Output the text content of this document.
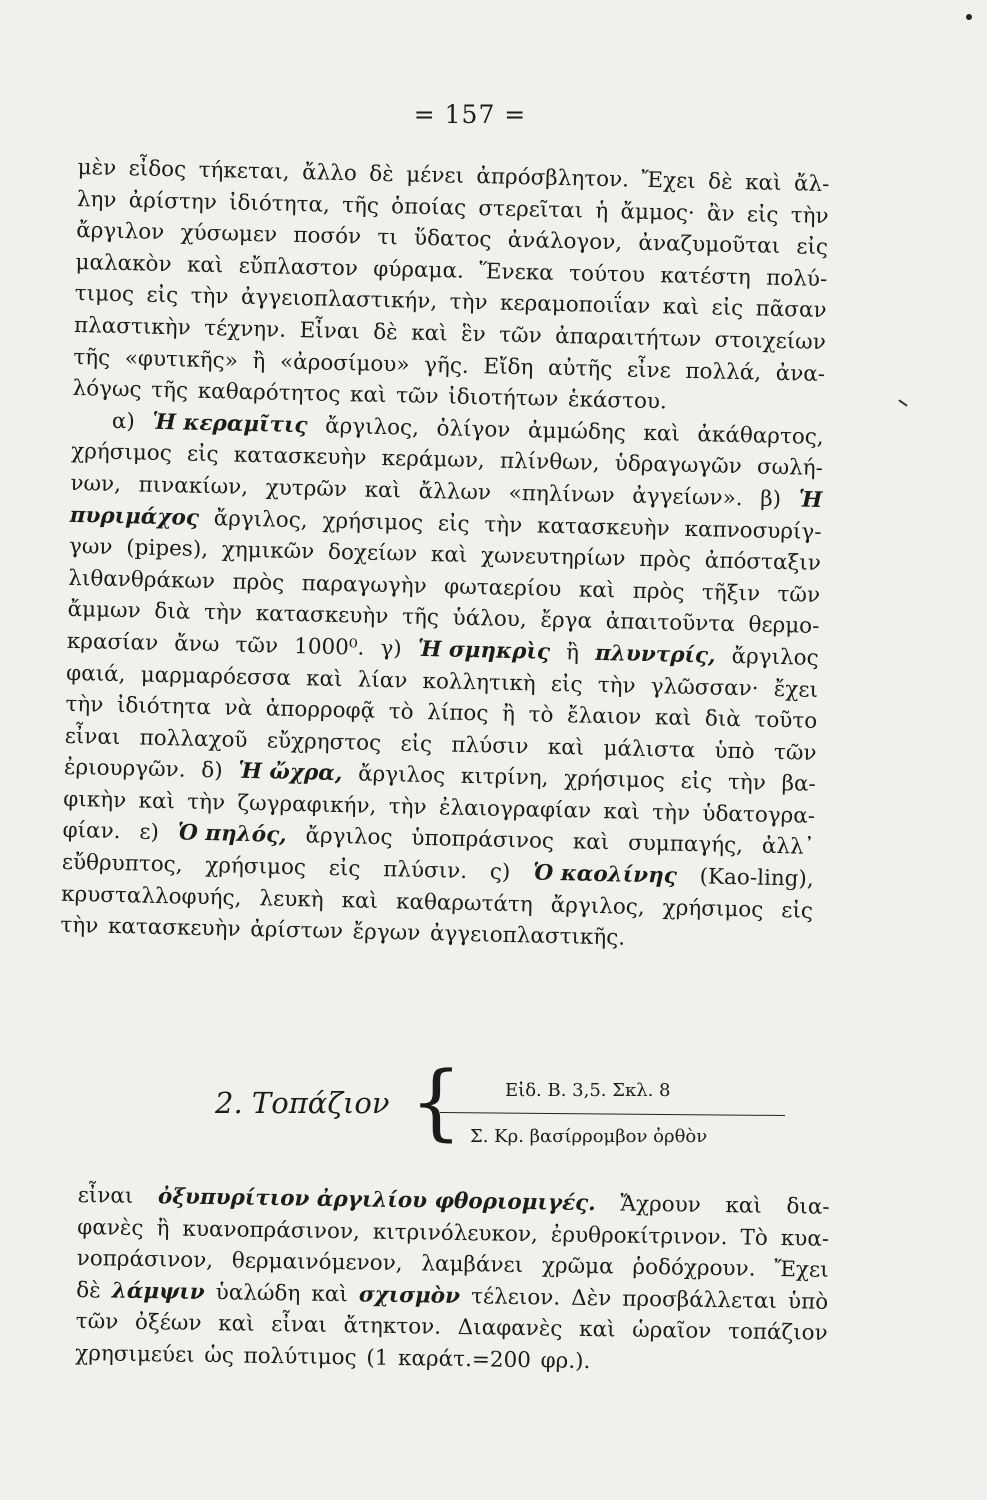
= 157 =
μὲν εἶδος τήκεται, ἄλλο δὲ μένει ἀπρόσβλητον. Ἔχει δὲ καὶ ἄλ-
λην ἀρίστην ἰδιότητα, τῆς ὁποίας στερεῖται ἡ ἄμμος· ἂν εἰς τὴν
ἄργιλον χύσωμεν ποσόν τι ὕδατος ἀνάλογον, ἀναζυμοῦται εἰς
μαλακὸν καὶ εὔπλαστον φύραμα. Ἕνεκα τούτου κατέστη πολύ-
τιμος εἰς τὴν ἀγγειοπλαστικήν, τὴν κεραμοποιΐαν καὶ εἰς πᾶσαν
πλαστικὴν τέχνην. Εἶναι δὲ καὶ ἓν τῶν ἀπαραιτήτων στοιχείων
τῆς «φυτικῆς» ἢ «ἀροσίμου» γῆς. Εἴδη αὐτῆς εἶνε πολλά, ἀνα-
λόγως τῆς καθαρότητος καὶ τῶν ἰδιοτήτων ἑκάστου.
α) Ἡ κεραμῖτις ἄργιλος, ὀλίγον ἀμμώδης καὶ ἀκάθαρτος,
χρήσιμος εἰς κατασκευὴν κεράμων, πλίνθων, ὑδραγωγῶν σωλή-
νων, πινακίων, χυτρῶν καὶ ἄλλων «πηλίνων ἀγγείων». β) Ἡ
πυριμάχος ἄργιλος, χρήσιμος εἰς τὴν κατασκευὴν καπνοσυρίγ-
γων (pipes), χημικῶν δοχείων καὶ χωνευτηρίων πρὸς ἀπόσταξιν
λιθανθράκων πρὸς παραγωγὴν φωταερίου καὶ πρὸς τῆξιν τῶν
ἄμμων διὰ τὴν κατασκευὴν τῆς ὑάλου, ἔργα ἀπαιτοῦντα θερμο-
κρασίαν ἄνω τῶν 1000⁰. γ) Ἡ σμηκρὶς ἢ πλυντρίς, ἄργιλος
φαιά, μαρμαρόεσσα καὶ λίαν κολλητικὴ εἰς τὴν γλῶσσαν· ἔχει
τὴν ἰδιότητα νὰ ἀπορροφᾷ τὸ λίπος ἢ τὸ ἔλαιον καὶ διὰ τοῦτο
εἶναι πολλαχοῦ εὔχρηστος εἰς πλύσιν καὶ μάλιστα ὑπὸ τῶν
ἐριουργῶν. δ) Ἡ ὤχρα, ἄργιλος κιτρίνη, χρήσιμος εἰς τὴν βα-
φικὴν καὶ τὴν ζωγραφικήν, τὴν ἐλαιογραφίαν καὶ τὴν ὑδατογρα-
φίαν. ε) Ὁ πηλός, ἄργιλος ὑποπράσινος καὶ συμπαγής, ἀλλ᾽
εὔθρυπτος, χρήσιμος εἰς πλύσιν. ς) Ὁ καολίνης (Kao-ling),
κρυσταλλοφυής, λευκὴ καὶ καθαρωτάτη ἄργιλος, χρήσιμος εἰς
τὴν κατασκευὴν ἀρίστων ἔργων ἀγγειοπλαστικῆς.
2. Τοπάζιον { Εἰδ. Β. 3,5. Σκλ. 8
Σ. Κρ. βασίρρομβον ὀρθὸν
εἶναι ὀξυπυρίτιον ἀργιλίου φθοριομιγές. Ἄχρουν καὶ δια-
φανὲς ἢ κυανοπράσινον, κιτρινόλευκον, ἐρυθροκίτρινον. Τὸ κυα-
νοπράσινον, θερμαινόμενον, λαμβάνει χρῶμα ῥοδόχρουν. Ἔχει
δὲ λάμψιν ὑαλώδη καὶ σχισμὸν τέλειον. Δὲν προσβάλλεται ὑπὸ
τῶν ὀξέων καὶ εἶναι ἄτηκτον. Διαφανὲς καὶ ὡραῖον τοπάζιον
χρησιμεύει ὡς πολύτιμος (1 καράτ.=200 φρ.).
